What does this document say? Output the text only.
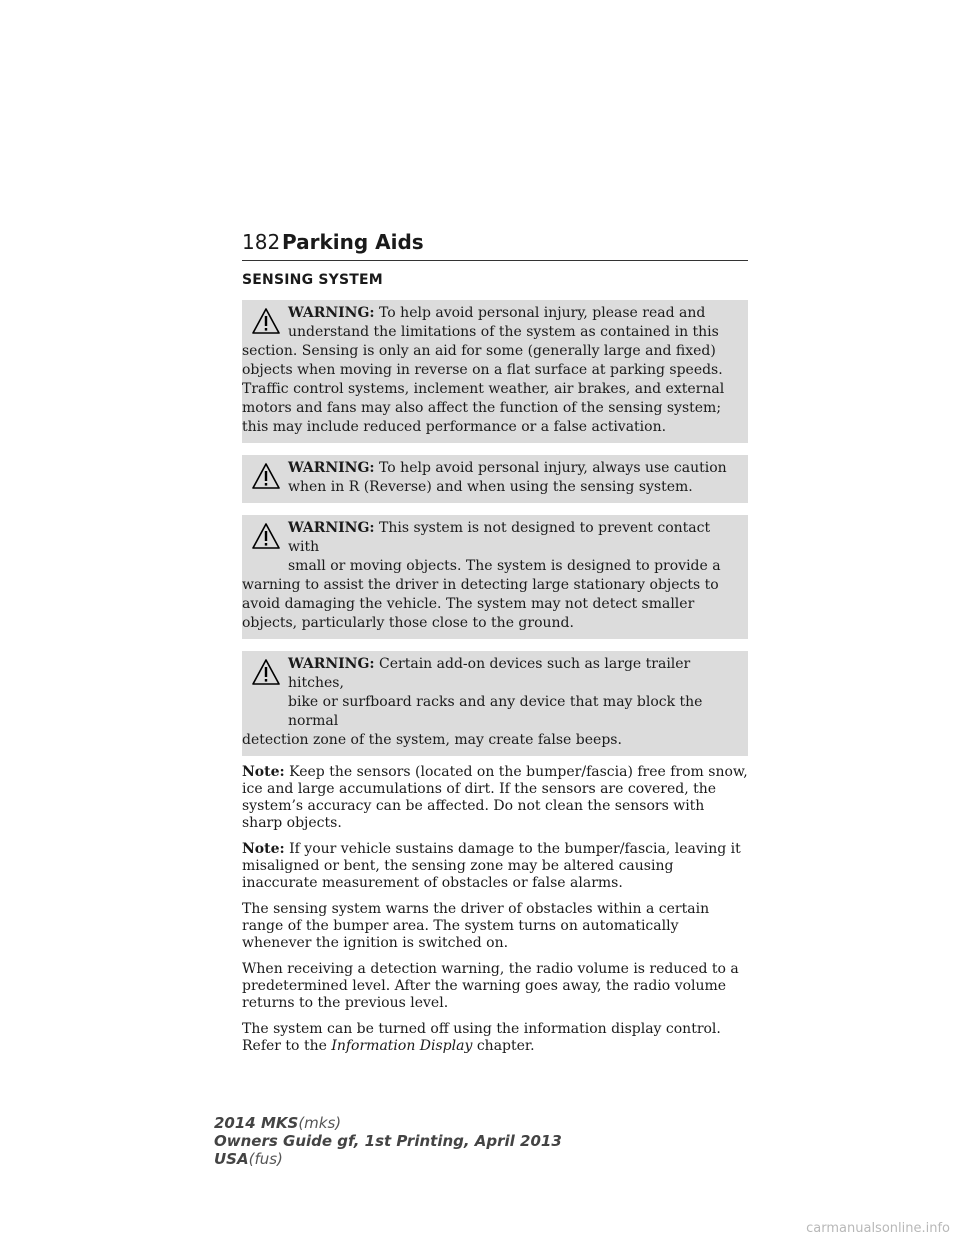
182 Parking Aids
SENSING SYSTEM
WARNING: To help avoid personal injury, please read and
understand the limitations of the system as contained in this
section. Sensing is only an aid for some (generally large and fixed) objects when moving in reverse on a flat surface at parking speeds. Traffic control systems, inclement weather, air brakes, and external motors and fans may also affect the function of the sensing system; this may include reduced performance or a false activation.
WARNING: To help avoid personal injury, always use caution
when in R (Reverse) and when using the sensing system.
WARNING: This system is not designed to prevent contact with
small or moving objects. The system is designed to provide a
warning to assist the driver in detecting large stationary objects to avoid damaging the vehicle. The system may not detect smaller objects, particularly those close to the ground.
WARNING: Certain add-on devices such as large trailer hitches,
bike or surfboard racks and any device that may block the normal
detection zone of the system, may create false beeps.

Note: Keep the sensors (located on the bumper/fascia) free from snow, ice and large accumulations of dirt. If the sensors are covered, the system’s accuracy can be affected. Do not clean the sensors with sharp objects.

Note: If your vehicle sustains damage to the bumper/fascia, leaving it misaligned or bent, the sensing zone may be altered causing inaccurate measurement of obstacles or false alarms.

The sensing system warns the driver of obstacles within a certain range of the bumper area. The system turns on automatically whenever the ignition is switched on.

When receiving a detection warning, the radio volume is reduced to a predetermined level. After the warning goes away, the radio volume returns to the previous level.

The system can be turned off using the information display control. Refer to the Information Display chapter.

2014 MKS(mks)
Owners Guide gf, 1st Printing, April 2013
USA(fus)
carmanualsonline.info
